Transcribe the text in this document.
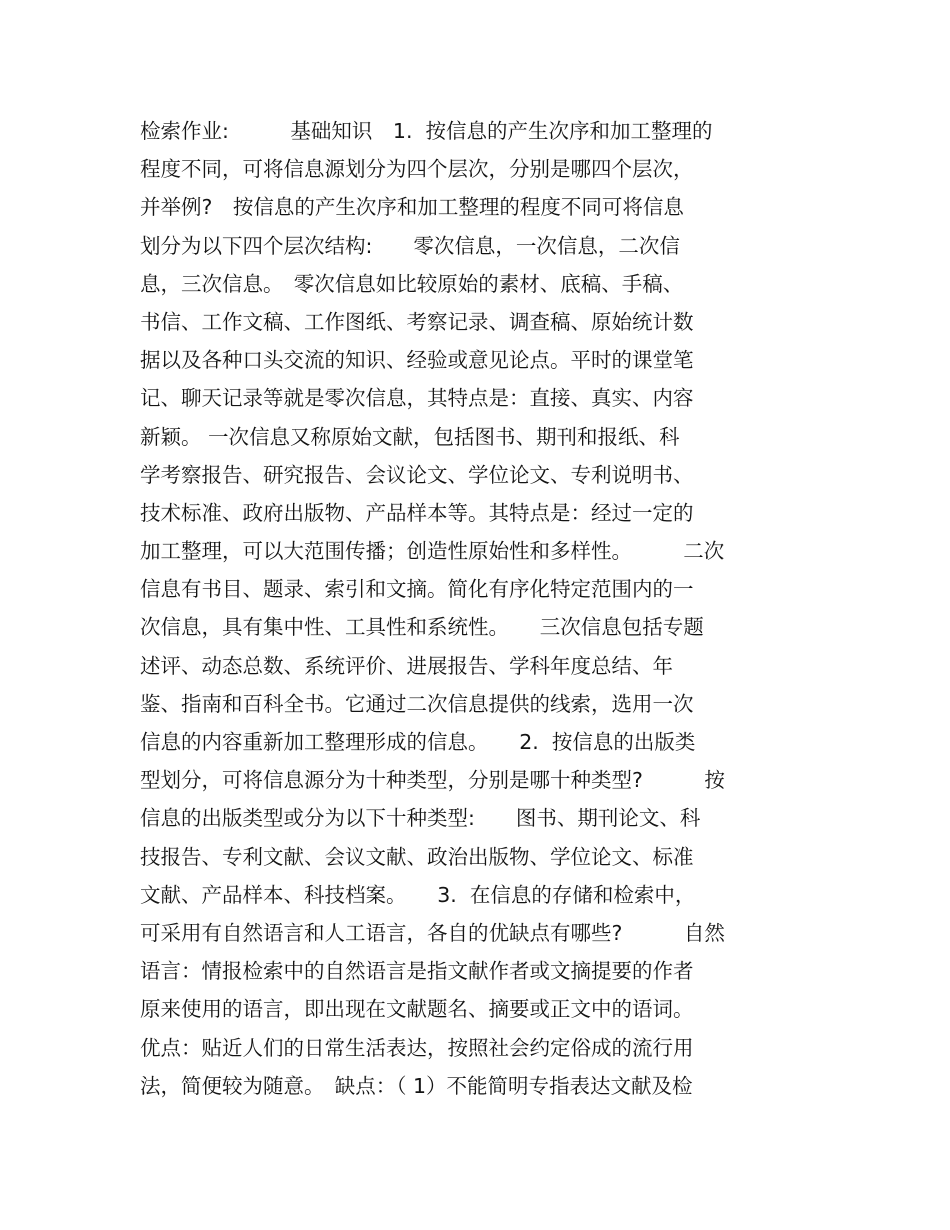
检索作业:　　　基础知识　1.  按信息的产生次序和加工整理的
程度不同，可将信息源划分为四个层次，分别是哪四个层次，
并举例?　按信息的产生次序和加工整理的程度不同可将信息
划分为以下四个层次结构:　　零次信息，一次信息，二次信
息，三次信息。　零次信息如比较原始的素材、底稿、手稿、
书信、工作文稿、工作图纸、考察记录、调查稿、原始统计数
据以及各种口头交流的知识、经验或意见论点。平时的课堂笔
记、聊天记录等就是零次信息，其特点是：直接、真实、内容
新颖。 一次信息又称原始文献，包括图书、期刊和报纸、科
学考察报告、研究报告、会议论文、学位论文、专利说明书、
技术标准、政府出版物、产品样本等。其特点是：经过一定的
加工整理，可以大范围传播；创造性原始性和多样性。　　　二次
信息有书目、题录、索引和文摘。简化有序化特定范围内的一
次信息，具有集中性、工具性和系统性。　　三次信息包括专题
述评、动态总数、系统评价、进展报告、学科年度总结、年
鉴、指南和百科全书。它通过二次信息提供的线索，选用一次
信息的内容重新加工整理形成的信息。　　2.  按信息的出版类
型划分，可将信息源分为十种类型，分别是哪十种类型?　　　按
信息的出版类型或分为以下十种类型:　　图书、期刊论文、科
技报告、专利文献、会议文献、政治出版物、学位论文、标准
文献、产品样本、科技档案。　　3.  在信息的存储和检索中，
可采用有自然语言和人工语言，各自的优缺点有哪些?　　　自然
语言：情报检索中的自然语言是指文献作者或文摘提要的作者
原来使用的语言，即出现在文献题名、摘要或正文中的语词。
优点：贴近人们的日常生活表达，按照社会约定俗成的流行用
法，简便较为随意。　缺点：（ 1）不能简明专指表达文献及检
